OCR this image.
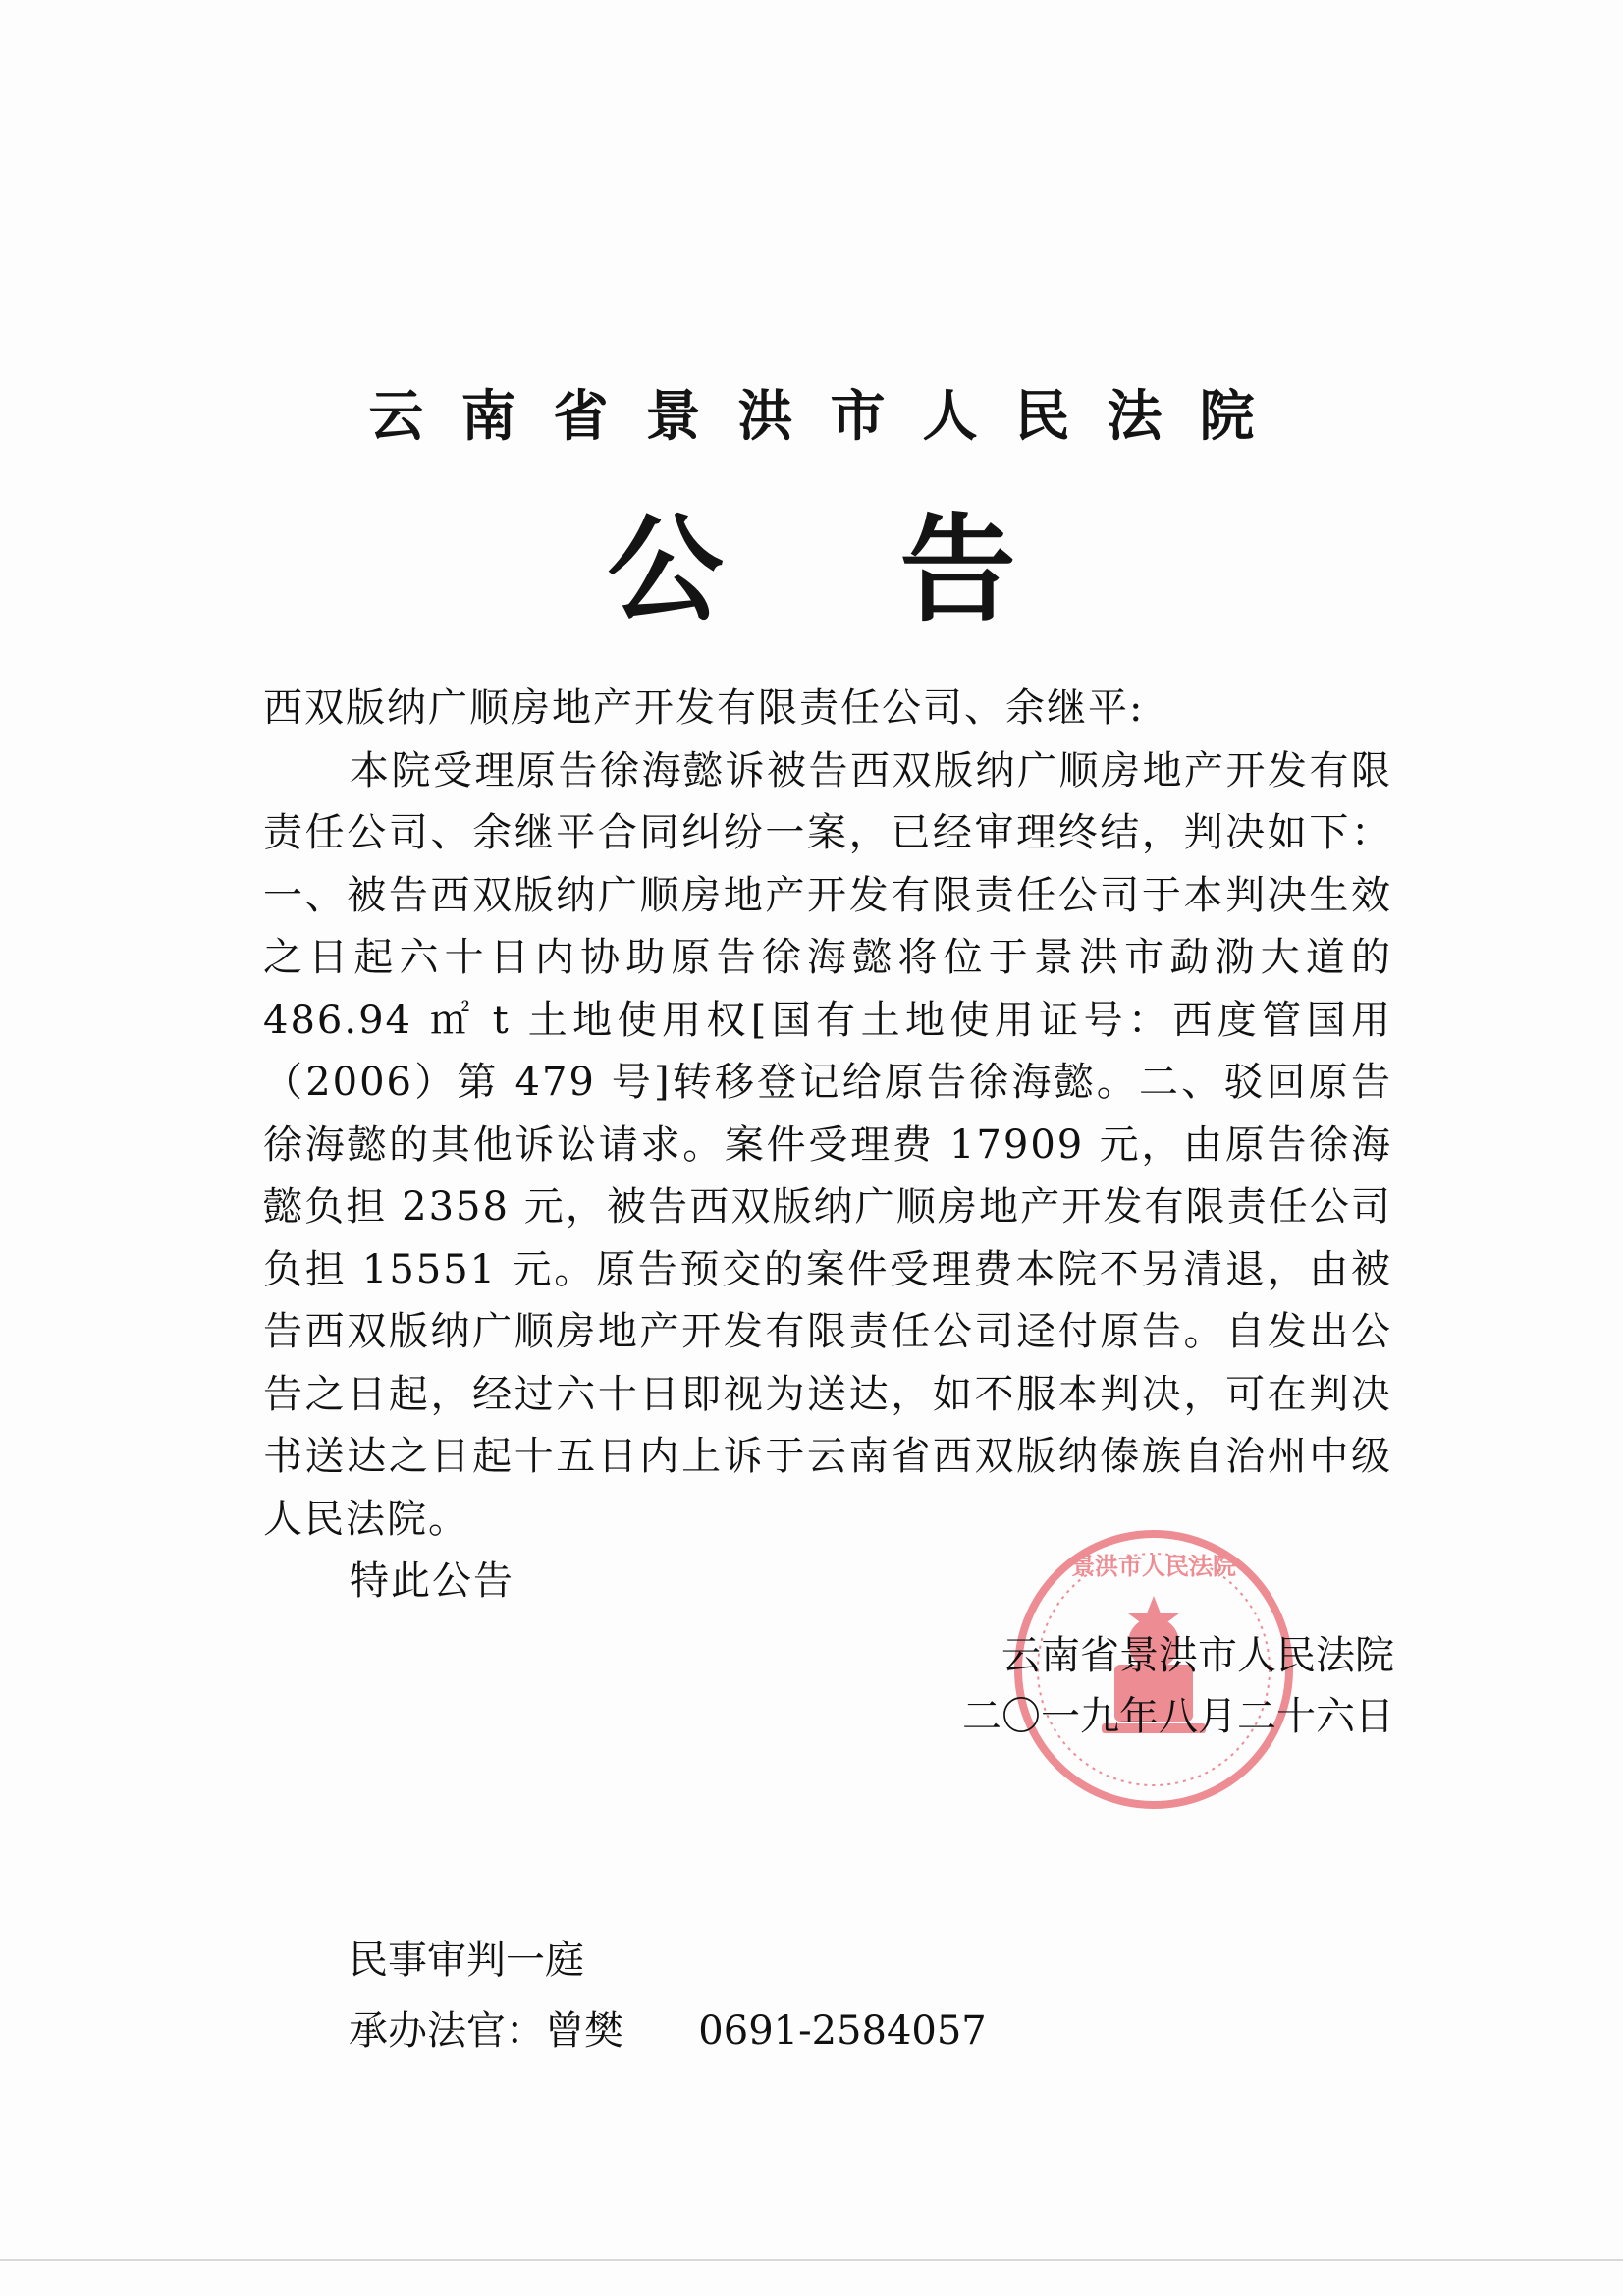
云南省景洪市人民法院
公告

西双版纳广顺房地产开发有限责任公司、余继平:

本院受理原告徐海懿诉被告西双版纳广顺房地产开发有限责任公司、余继平合同纠纷一案，已经审理终结，判决如下：一、被告西双版纳广顺房地产开发有限责任公司于本判决生效之日起六十日内协助原告徐海懿将位于景洪市勐泐大道的 486.94 ㎡ t 土地使用权[国有土地使用证号：西度管国用（2006）第 479 号]转移登记给原告徐海懿。二、驳回原告徐海懿的其他诉讼请求。案件受理费 17909 元，由原告徐海懿负担 2358 元，被告西双版纳广顺房地产开发有限责任公司负担 15551 元。原告预交的案件受理费本院不另清退，由被告西双版纳广顺房地产开发有限责任公司迳付原告。自发出公告之日起，经过六十日即视为送达，如不服本判决，可在判决书送达之日起十五日内上诉于云南省西双版纳傣族自治州中级人民法院。

特此公告	景洪市人民法院
云南省景洪市人民法院
二〇一九年八月二十六日
民事审判一庭
承办法官：曾樊 0691-2584057
